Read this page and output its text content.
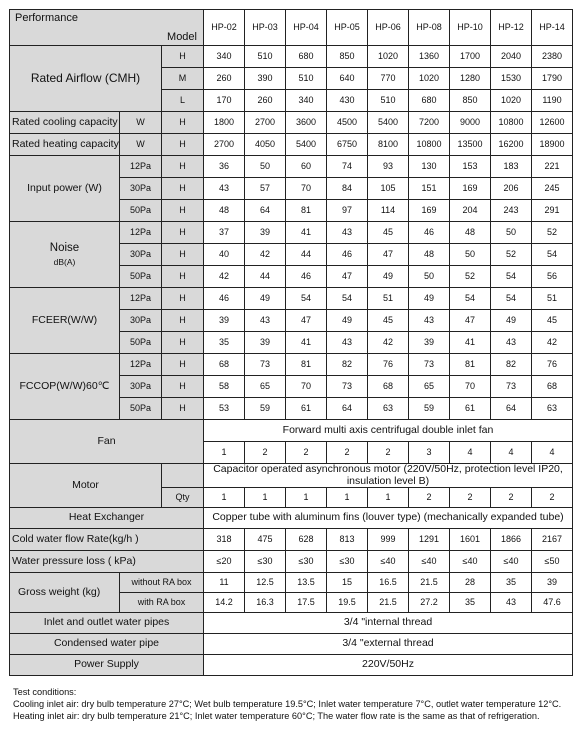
Model
Performance			HP-02	HP-03	HP-04	HP-05	HP-06	HP-08	HP-10	HP-12	HP-14
Rated Airflow (CMH)		H	340	510	680	850	1020	1360	1700	2040	2380
		M	260	390	510	640	770	1020	1280	1530	1790
		L	170	260	340	430	510	680	850	1020	1190
Rated cooling capacity	W	H	1800	2700	3600	4500	5400	7200	9000	10800	12600
Rated heating capacity	W	H	2700	4050	5400	6750	8100	10800	13500	16200	18900

Input power (W)	12Pa	H	36	50	60	74	93	130	153	183	221
	30Pa	H	43	57	70	84	105	151	169	206	245
	50Pa	H	48	64	81	97	114	169	204	243	291

Noise
dB(A)	12Pa	H	37	39	41	43	45	46	48	50	52
	30Pa	H	40	42	44	46	47	48	50	52	54
	50Pa	H	42	44	46	47	49	50	52	54	56

FCEER(W/W)	12Pa	H	46	49	54	54	51	49	54	54	51
	30Pa	H	39	43	47	49	45	43	47	49	45
	50Pa	H	35	39	41	43	42	39	41	43	42

FCCOP(W/W)60℃	12Pa	H	68	73	81	82	76	73	81	82	76
	30Pa	H	58	65	70	73	68	65	70	73	68
	50Pa	H	53	59	61	64	63	59	61	64	63
Fan			Forward multi axis centrifugal double inlet fan								
			1	2	2	2	2	3	4	4	4
Motor			Capacitor operated asynchronous motor (220V/50Hz, protection level IP20, insulation level B)								
		Qty	1	1	1	1	1	2	2	2	2
Heat Exchanger			Copper tube with aluminum fins (louver type) (mechanically expanded tube)								
Cold water flow Rate(kg/h )			318	475	628	813	999	1291	1601	1866	2167
Water pressure loss ( kPa)			≤20	≤30	≤30	≤30	≤40	≤40	≤40	≤40	≤50
Gross weight (kg)	without RA box		11	12.5	13.5	15	16.5	21.5	28	35	39
	with RA box		14.2	16.3	17.5	19.5	21.5	27.2	35	43	47.6
Inlet and outlet water pipes			3/4 "internal thread								
Condensed water pipe			3/4 "external thread								
Power Supply			220V/50Hz								
Test conditions:
Cooling inlet air: dry bulb temperature 27°C; Wet bulb temperature 19.5°C; Inlet water temperature 7°C, outlet water temperature 12°C.
Heating inlet air: dry bulb temperature 21°C; Inlet water temperature 60°C; The water flow rate is the same as that of refrigeration.
